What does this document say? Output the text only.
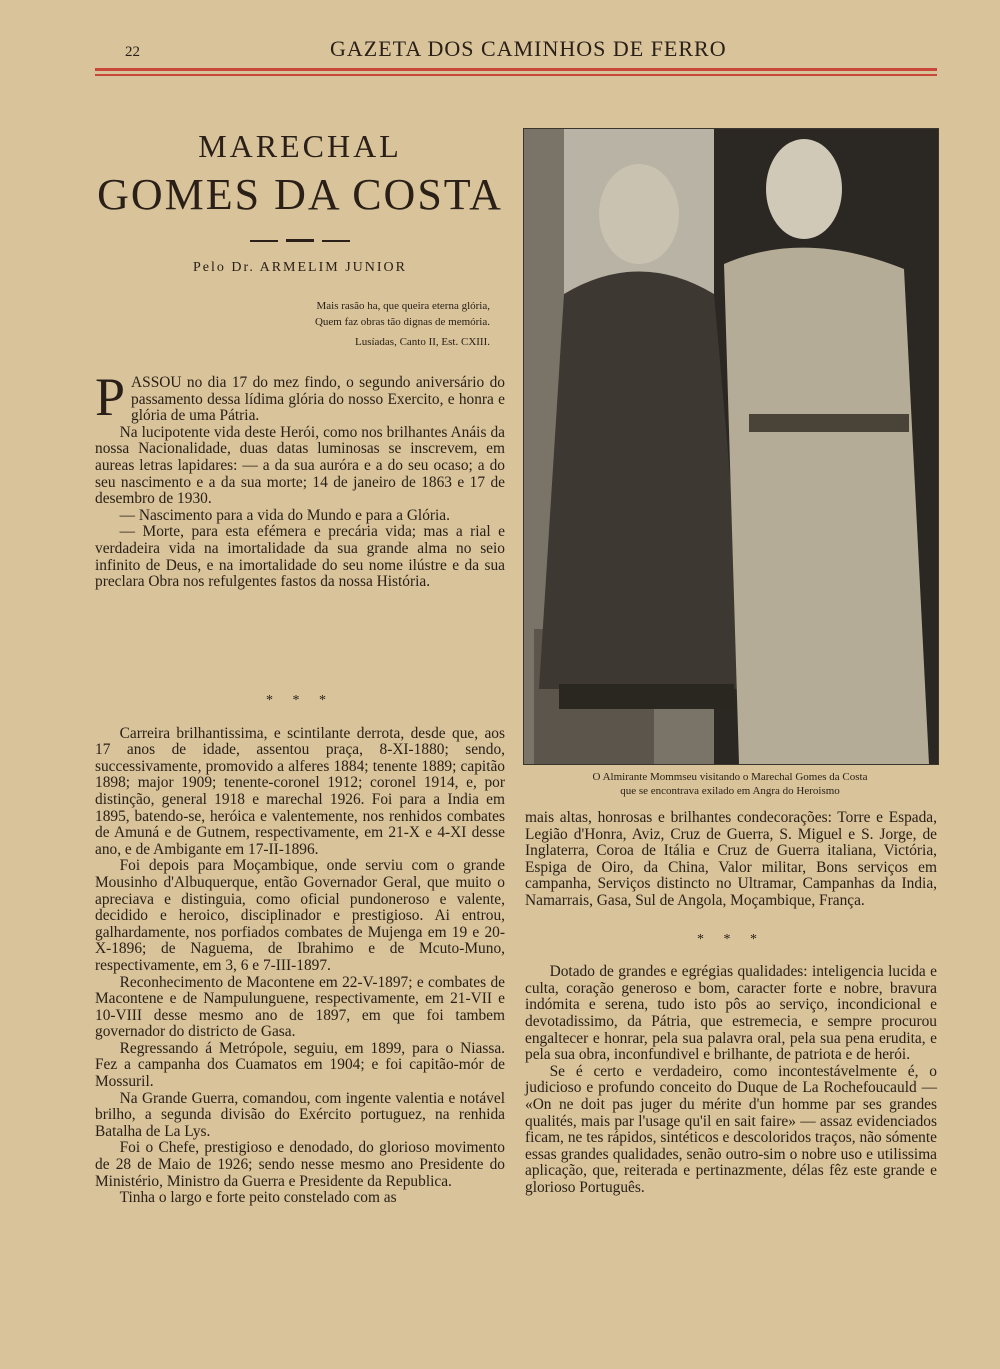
22	GAZETA DOS CAMINHOS DE FERRO
MARECHAL
GOMES DA COSTA
Pelo Dr. ARMELIM JUNIOR
Mais rasão ha, que queira eterna glória,
Quem faz obras tão dignas de memória.
Lusíadas, Canto II, Est. CXIII.

PASSOU no dia 17 do mez findo, o segundo aniversário do passamento dessa lídima glória do nosso Exercito, e honra e glória de uma Pátria.

Na lucipotente vida deste Herói, como nos brilhantes Anáis da nossa Nacionalidade, duas datas luminosas se inscrevem, em aureas letras lapidares: — a da sua auróra e a do seu ocaso; a do seu nascimento e a da sua morte; 14 de janeiro de 1863 e 17 de desembro de 1930.

— Nascimento para a vida do Mundo e para a Glória.

— Morte, para esta efémera e precária vida; mas a rial e verdadeira vida na imortalidade da sua grande alma no seio infinito de Deus, e na imortalidade do seu nome ilústre e da sua preclara Obra nos refulgentes fastos da nossa História.

* * *

Carreira brilhantissima, e scintilante derrota, desde que, aos 17 anos de idade, assentou praça, 8-XI-1880; sendo, successivamente, promovido a alferes 1884; tenente 1889; capitão 1898; major 1909; tenente-coronel 1912; coronel 1914, e, por distinção, general 1918 e marechal 1926. Foi para a India em 1895, batendo-se, heróica e valentemente, nos renhidos combates de Amuná e de Gutnem, respectivamente, em 21-X e 4-XI desse ano, e de Ambigante em 17-II-1896.

Foi depois para Moçambique, onde serviu com o grande Mousinho d'Albuquerque, então Governador Geral, que muito o apreciava e distinguia, como oficial pundoneroso e valente, decidido e heroico, disciplinador e prestigioso. Ai entrou, galhardamente, nos porfiados combates de Mujenga em 19 e 20-X-1896; de Naguema, de Ibrahimo e de Mcuto-Muno, respectivamente, em 3, 6 e 7-III-1897.

Reconhecimento de Macontene em 22-V-1897; e combates de Macontene e de Nampulunguene, respectivamente, em 21-VII e 10-VIII desse mesmo ano de 1897, em que foi tambem governador do districto de Gasa.

Regressando á Metrópole, seguiu, em 1899, para o Niassa. Fez a campanha dos Cuamatos em 1904; e foi capitão-mór de Mossuril.

Na Grande Guerra, comandou, com ingente valentia e notável brilho, a segunda divisão do Exército portuguez, na renhida Batalha de La Lys.

Foi o Chefe, prestigioso e denodado, do glorioso movimento de 28 de Maio de 1926; sendo nesse mesmo ano Presidente do Ministério, Ministro da Guerra e Presidente da Republica.

Tinha o largo e forte peito constelado com as

O Almirante Mommseu visitando o Marechal Gomes da Costa
que se encontrava exilado em Angra do Heroismo

mais altas, honrosas e brilhantes condecorações: Torre e Espada, Legião d'Honra, Aviz, Cruz de Guerra, S. Miguel e S. Jorge, de Inglaterra, Coroa de Itália e Cruz de Guerra italiana, Victória, Espiga de Oiro, da China, Valor militar, Bons serviços em campanha, Serviços distincto no Ultramar, Campanhas da India, Namarrais, Gasa, Sul de Angola, Moçambique, França.

* * *

Dotado de grandes e egrégias qualidades: inteligencia lucida e culta, coração generoso e bom, caracter forte e nobre, bravura indómita e serena, tudo isto pôs ao serviço, incondicional e devotadissimo, da Pátria, que estremecia, e sempre procurou engaltecer e honrar, pela sua palavra oral, pela sua pena erudita, e pela sua obra, inconfundivel e brilhante, de patriota e de herói.

Se é certo e verdadeiro, como incontestávelmente é, o judicioso e profundo conceito do Duque de La Rochefoucauld — «On ne doit pas juger du mérite d'un homme par ses grandes qualités, mais par l'usage qu'il en sait faire» — assaz evidenciados ficam, ne tes rápidos, sintéticos e descoloridos traços, não sómente essas grandes qualidades, senão outro-sim o nobre uso e utilissima aplicação, que, reiterada e pertinazmente, délas fêz este grande e glorioso Português.
